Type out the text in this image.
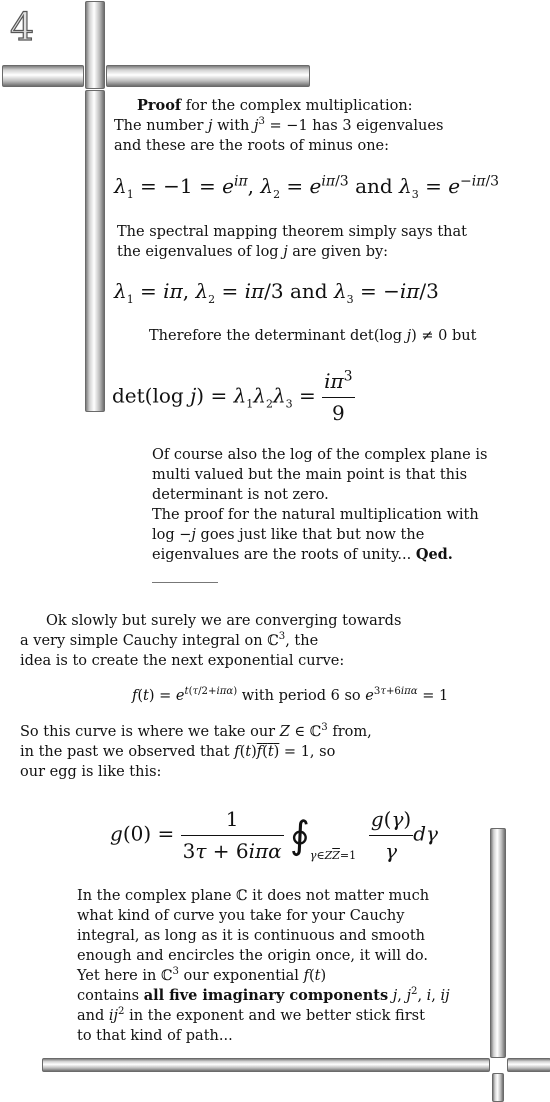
4
Proof for the complex multiplication:
The number j with $j^3 = -1$ has 3 eigenvalues
and these are the roots of minus one:
$\lambda_1 = -1 = e^{i\pi}$, $\lambda_2 = e^{i\pi/3}$ and $\lambda_3 = e^{-i\pi/3}$
The spectral mapping theorem simply says that
the eigenvalues of log j are given by:
$\lambda_1 = i\pi$, $\lambda_2 = i\pi/3$ and $\lambda_3 = -i\pi/3$
Therefore the determinant det(log j) ≠ 0 but
det(log $j) = \lambda_1\lambda_2\lambda_3 = \frac{i\pi^3}{9}$
Of course also the log of the complex plane is
multi valued but the main point is that this
determinant is not zero.
The proof for the natural multiplication with
log −j goes just like that but now the
eigenvalues are the roots of unity... Qed.
Ok slowly but surely we are converging towards
a very simple Cauchy integral on ℂ$^3$, the
idea is to create the next exponential curve:
$f(t) = e^{t(\tau/2+i\pi\alpha)}$ with period 6 so $e^{3\tau+6i\pi\alpha} = 1$
So this curve is where we take our Z ∈ ℂ$^3$ from,
in the past we observed that f(t)f(t) = 1, so
our egg is like this:
$g(0) = \frac{1}{\text{3τ + 6iπα}}$ $∮_{\gamma\in Z\overline{Z}=1} \frac{g(\gamma)}{\gamma}$ dγ
In the complex plane ℂ it does not matter much
what kind of curve you take for your Cauchy
integral, as long as it is continuous and smooth
enough and encircles the origin once, it will do.
Yet here in ℂ$^3$ our exponential f(t)
contains all five imaginary components j, $j^2$, i, ij
and $ij^2$ in the exponent and we better stick first
to that kind of path...
